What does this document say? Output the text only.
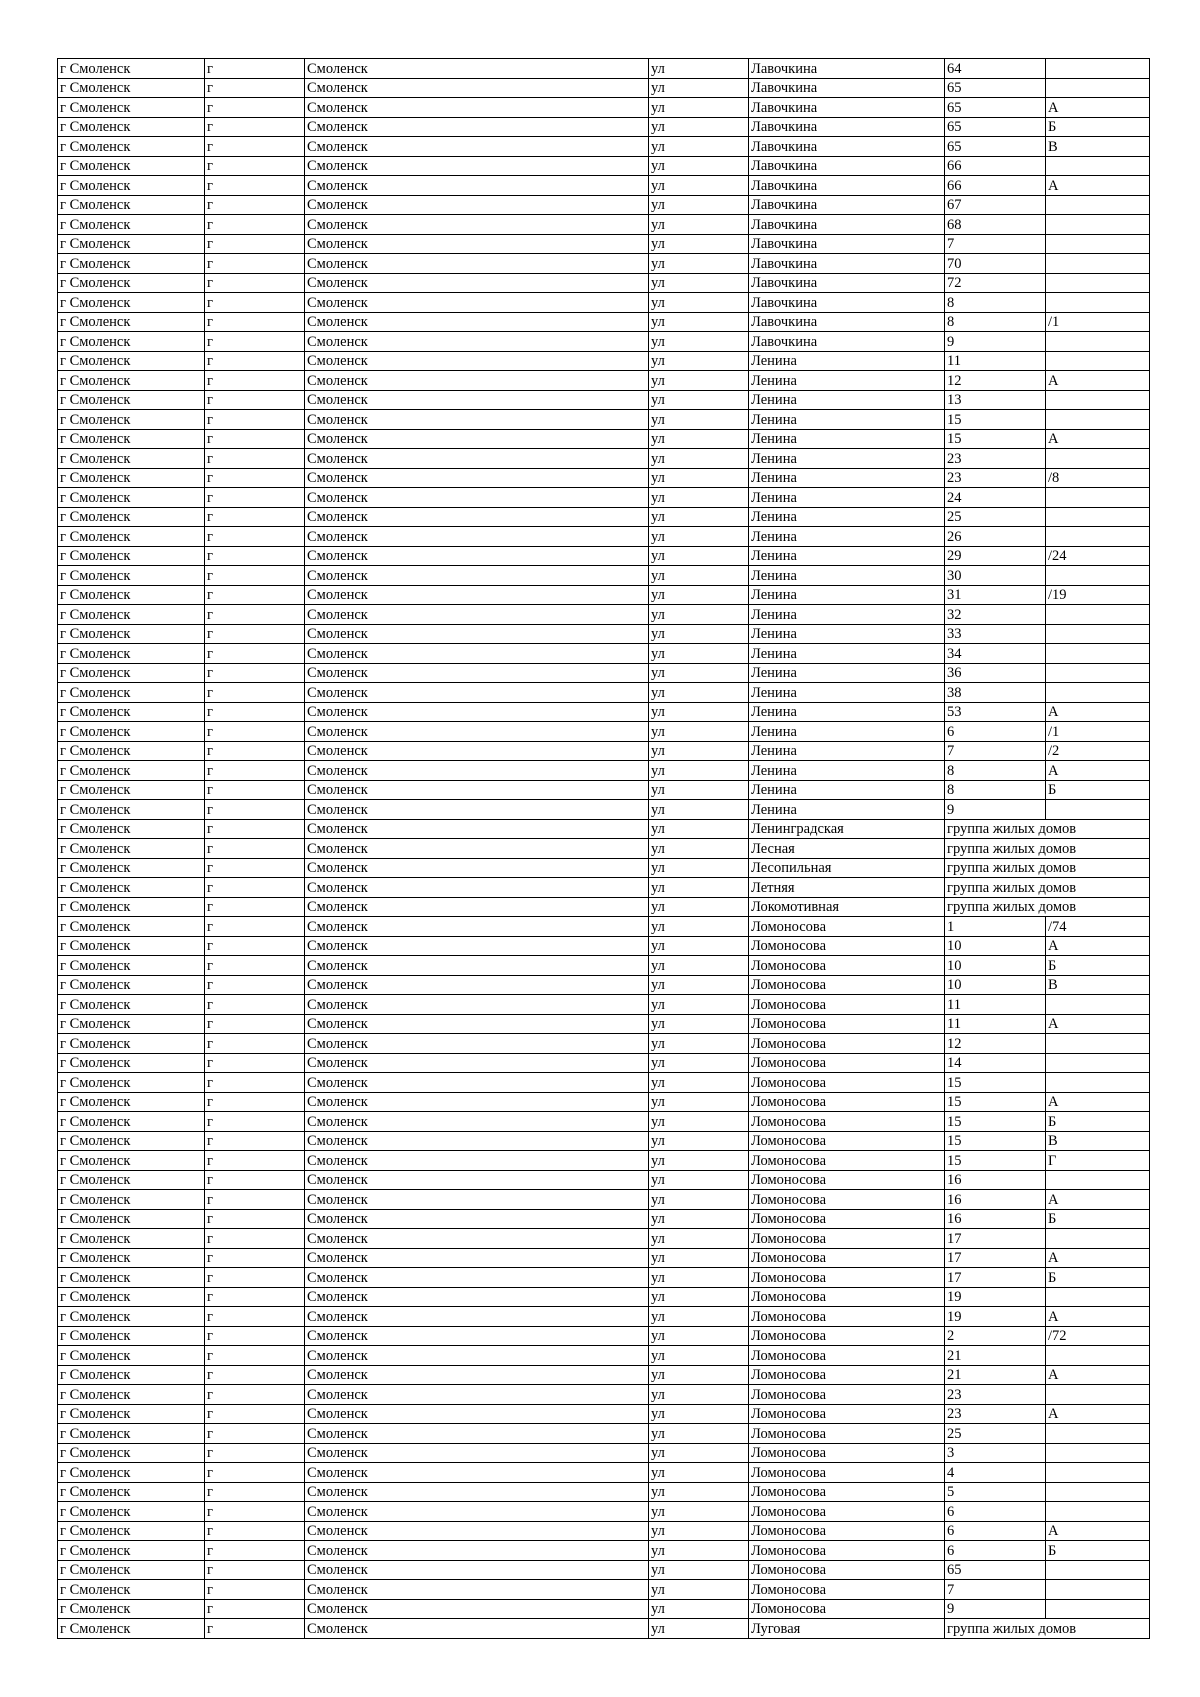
г Смоленск	г	Смоленск	ул	Лавочкина	64	
г Смоленск	г	Смоленск	ул	Лавочкина	65	
г Смоленск	г	Смоленск	ул	Лавочкина	65	А
г Смоленск	г	Смоленск	ул	Лавочкина	65	Б
г Смоленск	г	Смоленск	ул	Лавочкина	65	В
г Смоленск	г	Смоленск	ул	Лавочкина	66	
г Смоленск	г	Смоленск	ул	Лавочкина	66	А
г Смоленск	г	Смоленск	ул	Лавочкина	67	
г Смоленск	г	Смоленск	ул	Лавочкина	68	
г Смоленск	г	Смоленск	ул	Лавочкина	7	
г Смоленск	г	Смоленск	ул	Лавочкина	70	
г Смоленск	г	Смоленск	ул	Лавочкина	72	
г Смоленск	г	Смоленск	ул	Лавочкина	8	
г Смоленск	г	Смоленск	ул	Лавочкина	8	/1
г Смоленск	г	Смоленск	ул	Лавочкина	9	
г Смоленск	г	Смоленск	ул	Ленина	11	
г Смоленск	г	Смоленск	ул	Ленина	12	А
г Смоленск	г	Смоленск	ул	Ленина	13	
г Смоленск	г	Смоленск	ул	Ленина	15	
г Смоленск	г	Смоленск	ул	Ленина	15	А
г Смоленск	г	Смоленск	ул	Ленина	23	
г Смоленск	г	Смоленск	ул	Ленина	23	/8
г Смоленск	г	Смоленск	ул	Ленина	24	
г Смоленск	г	Смоленск	ул	Ленина	25	
г Смоленск	г	Смоленск	ул	Ленина	26	
г Смоленск	г	Смоленск	ул	Ленина	29	/24
г Смоленск	г	Смоленск	ул	Ленина	30	
г Смоленск	г	Смоленск	ул	Ленина	31	/19
г Смоленск	г	Смоленск	ул	Ленина	32	
г Смоленск	г	Смоленск	ул	Ленина	33	
г Смоленск	г	Смоленск	ул	Ленина	34	
г Смоленск	г	Смоленск	ул	Ленина	36	
г Смоленск	г	Смоленск	ул	Ленина	38	
г Смоленск	г	Смоленск	ул	Ленина	53	А
г Смоленск	г	Смоленск	ул	Ленина	6	/1
г Смоленск	г	Смоленск	ул	Ленина	7	/2
г Смоленск	г	Смоленск	ул	Ленина	8	А
г Смоленск	г	Смоленск	ул	Ленина	8	Б
г Смоленск	г	Смоленск	ул	Ленина	9	
г Смоленск	г	Смоленск	ул	Ленинградская	группа жилых домов	
г Смоленск	г	Смоленск	ул	Лесная	группа жилых домов	
г Смоленск	г	Смоленск	ул	Лесопильная	группа жилых домов	
г Смоленск	г	Смоленск	ул	Летняя	группа жилых домов	
г Смоленск	г	Смоленск	ул	Локомотивная	группа жилых домов	
г Смоленск	г	Смоленск	ул	Ломоносова	1	/74
г Смоленск	г	Смоленск	ул	Ломоносова	10	А
г Смоленск	г	Смоленск	ул	Ломоносова	10	Б
г Смоленск	г	Смоленск	ул	Ломоносова	10	В
г Смоленск	г	Смоленск	ул	Ломоносова	11	
г Смоленск	г	Смоленск	ул	Ломоносова	11	А
г Смоленск	г	Смоленск	ул	Ломоносова	12	
г Смоленск	г	Смоленск	ул	Ломоносова	14	
г Смоленск	г	Смоленск	ул	Ломоносова	15	
г Смоленск	г	Смоленск	ул	Ломоносова	15	А
г Смоленск	г	Смоленск	ул	Ломоносова	15	Б
г Смоленск	г	Смоленск	ул	Ломоносова	15	В
г Смоленск	г	Смоленск	ул	Ломоносова	15	Г
г Смоленск	г	Смоленск	ул	Ломоносова	16	
г Смоленск	г	Смоленск	ул	Ломоносова	16	А
г Смоленск	г	Смоленск	ул	Ломоносова	16	Б
г Смоленск	г	Смоленск	ул	Ломоносова	17	
г Смоленск	г	Смоленск	ул	Ломоносова	17	А
г Смоленск	г	Смоленск	ул	Ломоносова	17	Б
г Смоленск	г	Смоленск	ул	Ломоносова	19	
г Смоленск	г	Смоленск	ул	Ломоносова	19	А
г Смоленск	г	Смоленск	ул	Ломоносова	2	/72
г Смоленск	г	Смоленск	ул	Ломоносова	21	
г Смоленск	г	Смоленск	ул	Ломоносова	21	А
г Смоленск	г	Смоленск	ул	Ломоносова	23	
г Смоленск	г	Смоленск	ул	Ломоносова	23	А
г Смоленск	г	Смоленск	ул	Ломоносова	25	
г Смоленск	г	Смоленск	ул	Ломоносова	3	
г Смоленск	г	Смоленск	ул	Ломоносова	4	
г Смоленск	г	Смоленск	ул	Ломоносова	5	
г Смоленск	г	Смоленск	ул	Ломоносова	6	
г Смоленск	г	Смоленск	ул	Ломоносова	6	А
г Смоленск	г	Смоленск	ул	Ломоносова	6	Б
г Смоленск	г	Смоленск	ул	Ломоносова	65	
г Смоленск	г	Смоленск	ул	Ломоносова	7	
г Смоленск	г	Смоленск	ул	Ломоносова	9	
г Смоленск	г	Смоленск	ул	Луговая	группа жилых домов	
